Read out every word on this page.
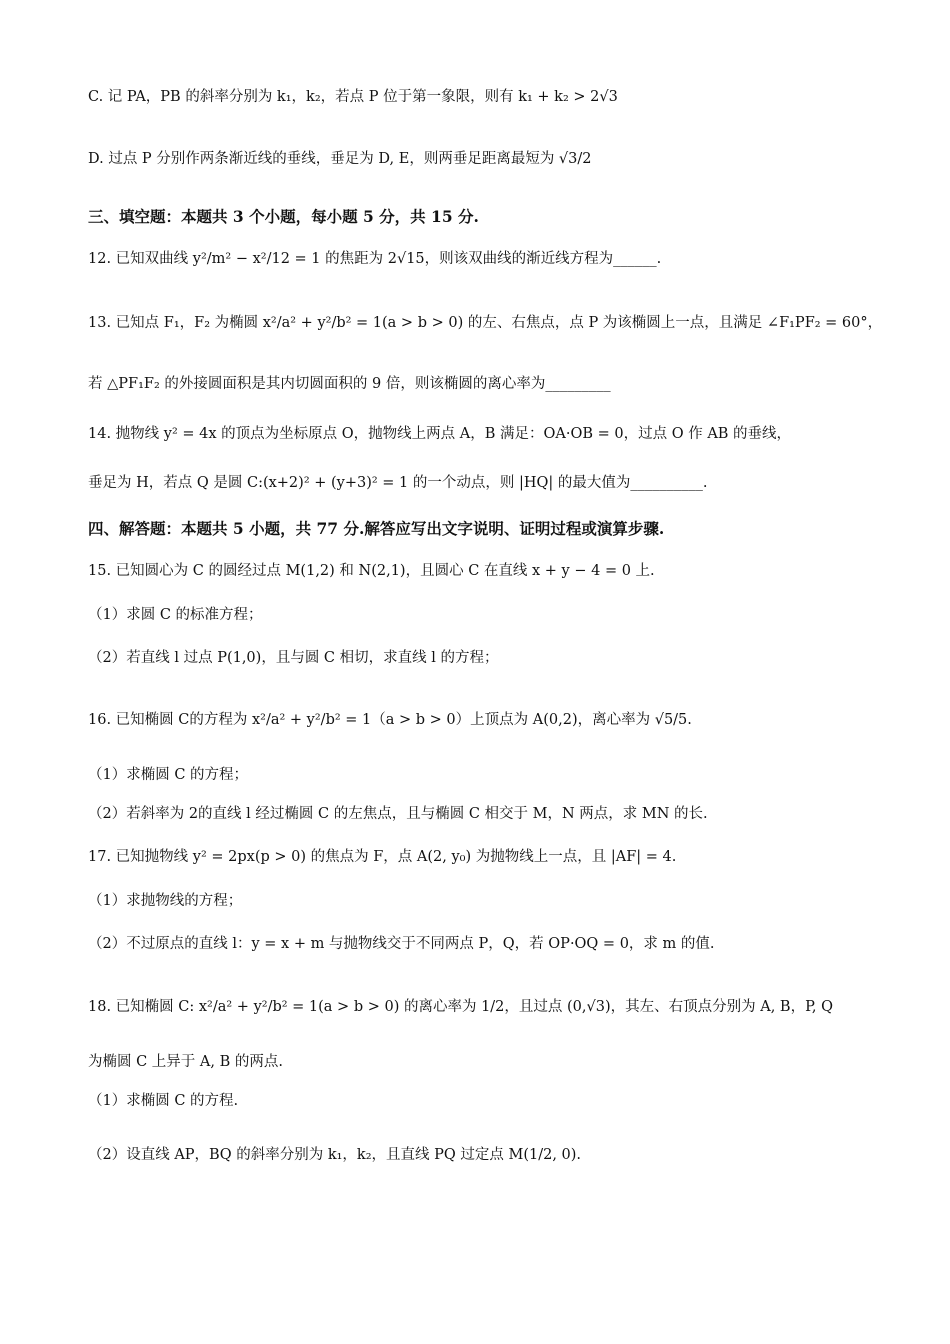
C. 记 PA，PB 的斜率分别为 k₁，k₂，若点 P 位于第一象限，则有 k₁ + k₂ > 2√3
D. 过点 P 分别作两条渐近线的垂线，垂足为 D, E，则两垂足距离最短为 √3/2
三、填空题：本题共 3 个小题，每小题 5 分，共 15 分.
12. 已知双曲线 y²/m² − x²/12 = 1 的焦距为 2√15，则该双曲线的渐近线方程为______.
13. 已知点 F₁，F₂ 为椭圆 x²/a² + y²/b² = 1(a > b > 0) 的左、右焦点，点 P 为该椭圆上一点，且满足 ∠F₁PF₂ = 60°，
若 △PF₁F₂ 的外接圆面积是其内切圆面积的 9 倍，则该椭圆的离心率为_________
14. 抛物线 y² = 4x 的顶点为坐标原点 O，抛物线上两点 A，B 满足：OA·OB = 0，过点 O 作 AB 的垂线，
垂足为 H，若点 Q 是圆 C:(x+2)² + (y+3)² = 1 的一个动点，则 |HQ| 的最大值为__________.
四、解答题：本题共 5 小题，共 77 分.解答应写出文字说明、证明过程或演算步骤.
15. 已知圆心为 C 的圆经过点 M(1,2) 和 N(2,1)，且圆心 C 在直线 x + y − 4 = 0 上.
（1）求圆 C 的标准方程；
（2）若直线 l 过点 P(1,0)，且与圆 C 相切，求直线 l 的方程；
16. 已知椭圆 C的方程为 x²/a² + y²/b² = 1（a > b > 0）上顶点为 A(0,2)，离心率为 √5/5.
（1）求椭圆 C 的方程；
（2）若斜率为 2的直线 l 经过椭圆 C 的左焦点，且与椭圆 C 相交于 M，N 两点，求 MN 的长.
17. 已知抛物线 y² = 2px(p > 0) 的焦点为 F，点 A(2, y₀) 为抛物线上一点，且 |AF| = 4.
（1）求抛物线的方程；
（2）不过原点的直线 l：y = x + m 与抛物线交于不同两点 P，Q，若 OP·OQ = 0，求 m 的值.
18. 已知椭圆 C: x²/a² + y²/b² = 1(a > b > 0) 的离心率为 1/2，且过点 (0,√3)，其左、右顶点分别为 A, B，P, Q
为椭圆 C 上异于 A, B 的两点.
（1）求椭圆 C 的方程.
（2）设直线 AP，BQ 的斜率分别为 k₁，k₂，且直线 PQ 过定点 M(1/2, 0).
